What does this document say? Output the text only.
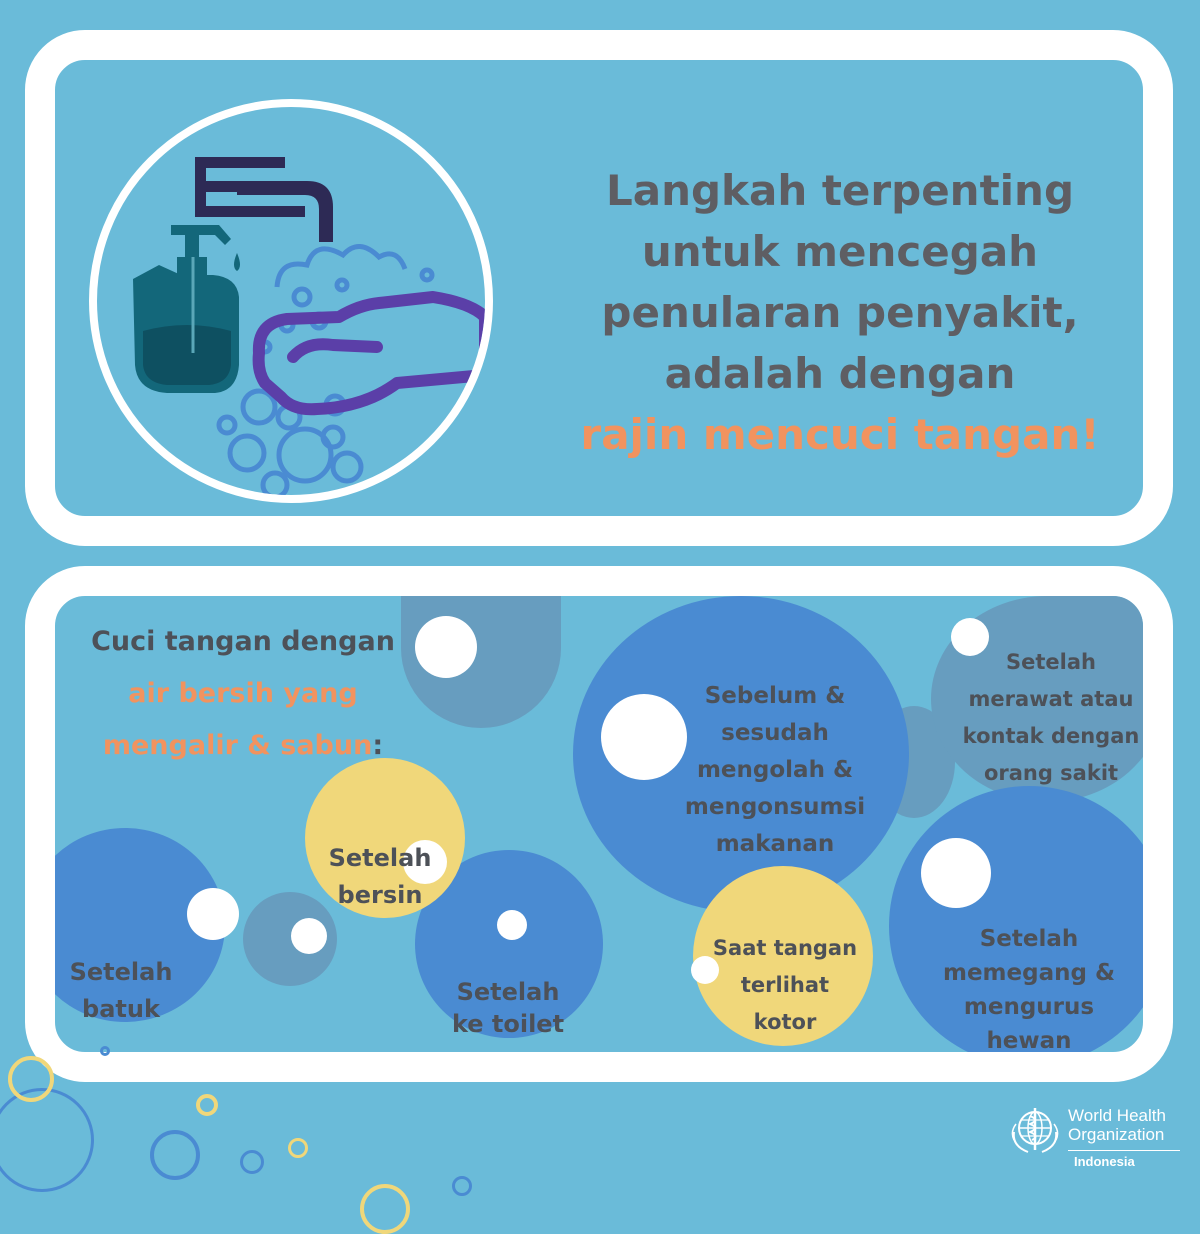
Langkah terpenting
untuk mencegah
penularan penyakit,
adalah dengan
rajin mencuci tangan!
Cuci tangan dengan
air bersih yang
mengalir & sabun:
Sebelum &
sesudah
mengolah &
mengonsumsi
makanan
Setelah
merawat atau
kontak dengan
orang sakit
Setelah
bersin
Setelah
batuk
Setelah
ke toilet
Saat tangan
terlihat
kotor
Setelah
memegang &
mengurus
hewan
World Health
Organization
Indonesia
